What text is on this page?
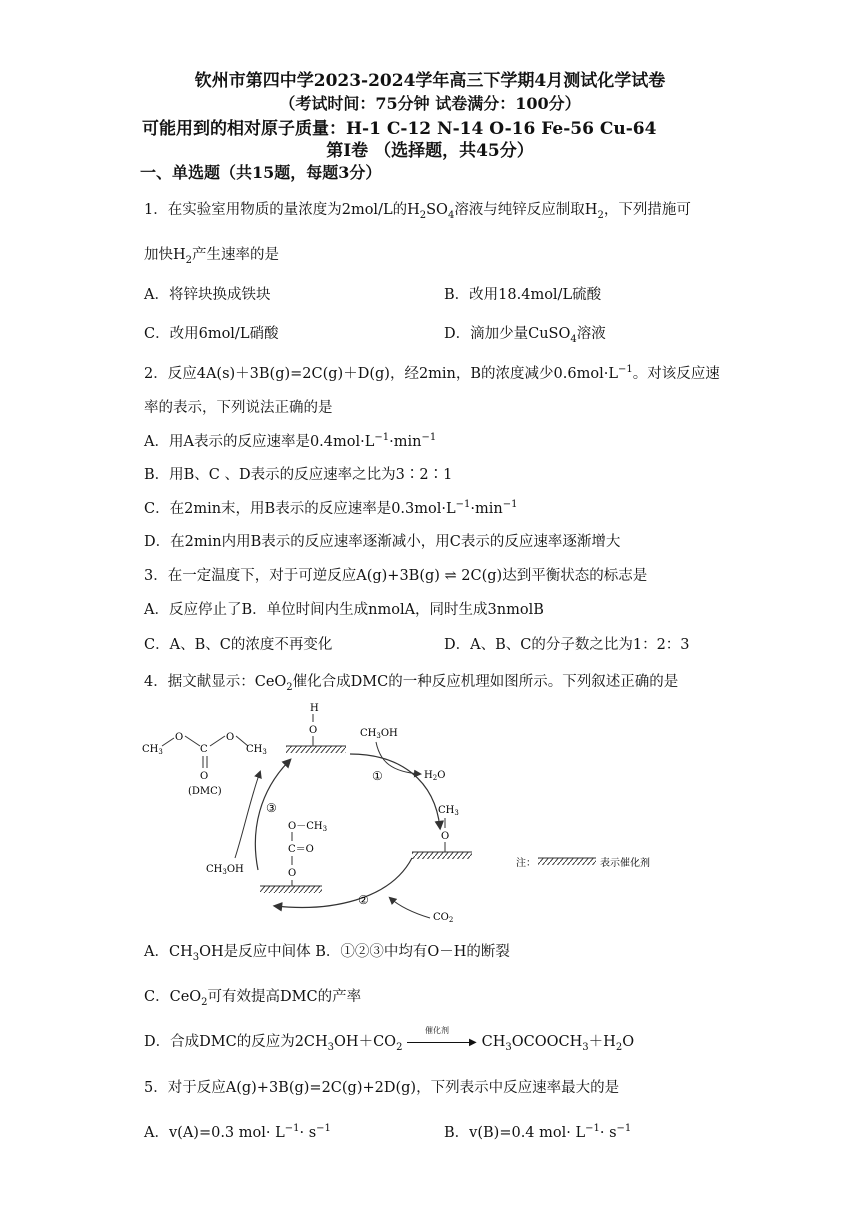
钦州市第四中学2023-2024学年高三下学期4月测试化学试卷
（考试时间：75分钟 试卷满分：100分）
可能用到的相对原子质量：H-1 C-12 N-14 O-16 Fe-56 Cu-64
第Ⅰ卷 （选择题，共45分）
一、单选题（共15题，每题3分）
1．在实验室用物质的量浓度为2mol/L的$H_2SO_4$溶液与纯锌反应制取$H_2$，下列措施可
加快$H_2$产生速率的是
A．将锌块换成铁块	B．改用18.4mol/L硫酸
C．改用6mol/L硝酸	D．滴加少量CuSO$_4$溶液
2．反应4A(s)＋3B(g)=2C(g)＋D(g)，经2min，B的浓度减少$0.6mol\cdot L^{-1}$。对该反应速
率的表示，下列说法正确的是
A．用A表示的反应速率是$0.4mol\cdot L^{-1}\cdot\min^{-1}$
B．用B、C 、D表示的反应速率之比为3∶2∶1
C．在2min末，用B表示的反应速率是$0.3mol\cdot L^{-1}\cdot\min^{-1}$
D．在2min内用B表示的反应速率逐渐减小，用C表示的反应速率逐渐增大
3．在一定温度下，对于可逆反应A(g)+3B(g) ⇌ 2C(g)达到平衡状态的标志是
A．反应停止了B．单位时间内生成nmolA，同时生成3nmolB
C．A、B、C的浓度不再变化	D．A、B、C的分子数之比为1：2：3
4．据文献显示：CeO$_2$催化合成DMC的一种反应机理如图所示。下列叙述正确的是
$CH_3$
O
C
O
$CH_3$
O
(DMC)
H
O	$CH_3OH$
①	$H_2O$
$CH_3$
O
③
$CH_3OH$
$O-CH_3$
C＝O
O
②
$CO_2$
注：	表示催化剂
A．$CH_3OH$是反应中间体 B．①②③中均有O－H的断裂
C．CeO$_2$可有效提高DMC的产率
D．合成DMC的反应为$2CH_3OH+CO_2$
催化剂
▶ $CH_3OCOOCH_3+H_2O$
5．对于反应A(g)+3B(g)=2C(g)+2D(g)，下列表示中反应速率最大的是
A．v(A)=0.3 $mol\cdot L^{-1}\cdot s^{-1}$	B．v(B)=0.4 $mol\cdot L^{-1}\cdot s^{-1}$
